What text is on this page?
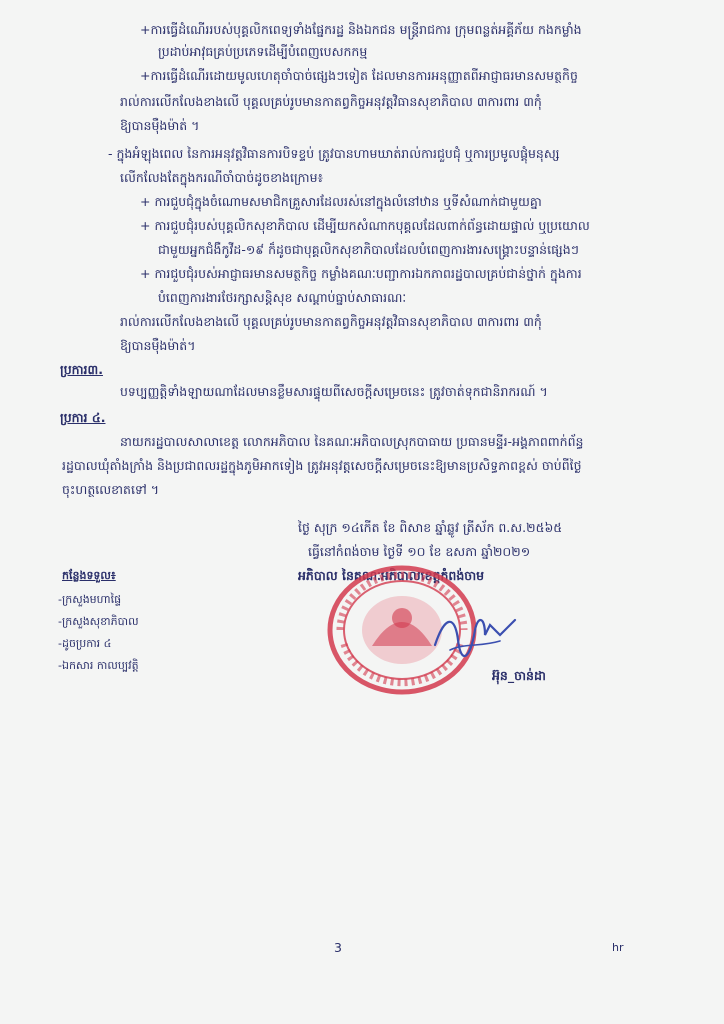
+ការធ្វើដំណើររបស់បុគ្គលិកពេទ្យទាំងផ្នែករដ្ឋ និងឯកជន មន្ត្រីរាជការ ក្រុមពន្លត់អគ្គីភ័យ កងកម្លាំង
ប្រដាប់អាវុធគ្រប់ប្រភេទដើម្បីបំពេញបេសកកម្ម
+ការធ្វើដំណើរដោយមូលហេតុចាំបាច់ផ្សេងៗទៀត ដែលមានការអនុញ្ញាតពីអាជ្ញាធរមានសមត្ថកិច្ច
រាល់ការលើកលែងខាងលើ បុគ្គលគ្រប់រូបមានកាតព្វកិច្ចអនុវត្តវិធានសុខាភិបាល ៣ការពារ ៣កុំ
ឱ្យបានម៉ឺងម៉ាត់ ។
- ក្នុងអំឡុងពេល នៃការអនុវត្តវិធានការបិទខ្ទប់ ត្រូវបានហាមឃាត់រាល់ការជួបជុំ ឬការប្រមូលផ្តុំមនុស្ស
លើកលែងតែក្នុងករណីចាំបាច់ដូចខាងក្រោម៖
+ ការជួបជុំក្នុងចំណោមសមាជិកគ្រួសារដែលរស់នៅក្នុងលំនៅឋាន ឬទីសំណាក់ជាមួយគ្នា
+ ការជួបជុំរបស់បុគ្គលិកសុខាភិបាល ដើម្បីយកសំណាកបុគ្គលដែលពាក់ព័ន្ធដោយផ្ទាល់ ឬប្រយោល
ជាមួយអ្នកជំងឺកូវីដ-១៩ ក៏ដូចជាបុគ្គលិកសុខាភិបាលដែលបំពេញការងារសង្គ្រោះបន្ទាន់ផ្សេងៗ
+ ការជួបជុំរបស់អាជ្ញាធរមានសមត្ថកិច្ច កម្លាំងគណៈបញ្ជាការឯកភាពរដ្ឋបាលគ្រប់ជាន់ថ្នាក់ ក្នុងការ
បំពេញការងារថែរក្សាសន្តិសុខ សណ្តាប់ធ្នាប់សាធារណៈ
រាល់ការលើកលែងខាងលើ បុគ្គលគ្រប់រូបមានកាតព្វកិច្ចអនុវត្តវិធានសុខាភិបាល ៣ការពារ ៣កុំ
ឱ្យបានម៉ឺងម៉ាត់។
ប្រការ៣.
បទប្បញ្ញត្តិទាំងឡាយណាដែលមានខ្លឹមសារផ្ទុយពីសេចក្តីសម្រេចនេះ ត្រូវចាត់ទុកជានិរាករណ៍ ។
ប្រការ ៤.
នាយករដ្ឋបាលសាលាខេត្ត លោកអភិបាល នៃគណៈអភិបាលស្រុកបាធាយ ប្រធានមន្ទីរ-អង្គភាពពាក់ព័ន្ធ
រដ្ឋបាលឃុំតាំងក្រាំង និងប្រជាពលរដ្ឋក្នុងភូមិអាកទៀង ត្រូវអនុវត្តសេចក្តីសម្រេចនេះឱ្យមានប្រសិទ្ធភាពខ្ពស់ ចាប់ពីថ្ងៃ
ចុះហត្ថលេខាតទៅ ។
ថ្ងៃ សុក្រ ១៤កើត ខែ ពិសាខ ឆ្នាំឆ្លូវ ត្រីស័ក ព.ស.២៥៦៥
ធ្វើនៅកំពង់ចាម ថ្ងៃទី ១០ ខែ ឧសភា ឆ្នាំ២០២១
អភិបាល នៃគណៈអភិបាលខេត្តកំពង់ចាម
កន្លែងទទួល៖
-ក្រសួងមហាផ្ទៃ
-ក្រសួងសុខាភិបាល
-ដូចប្រការ ៤
-ឯកសារ កាលប្បវត្តិ
អ៊ុន_ចាន់ដា
3	hr
